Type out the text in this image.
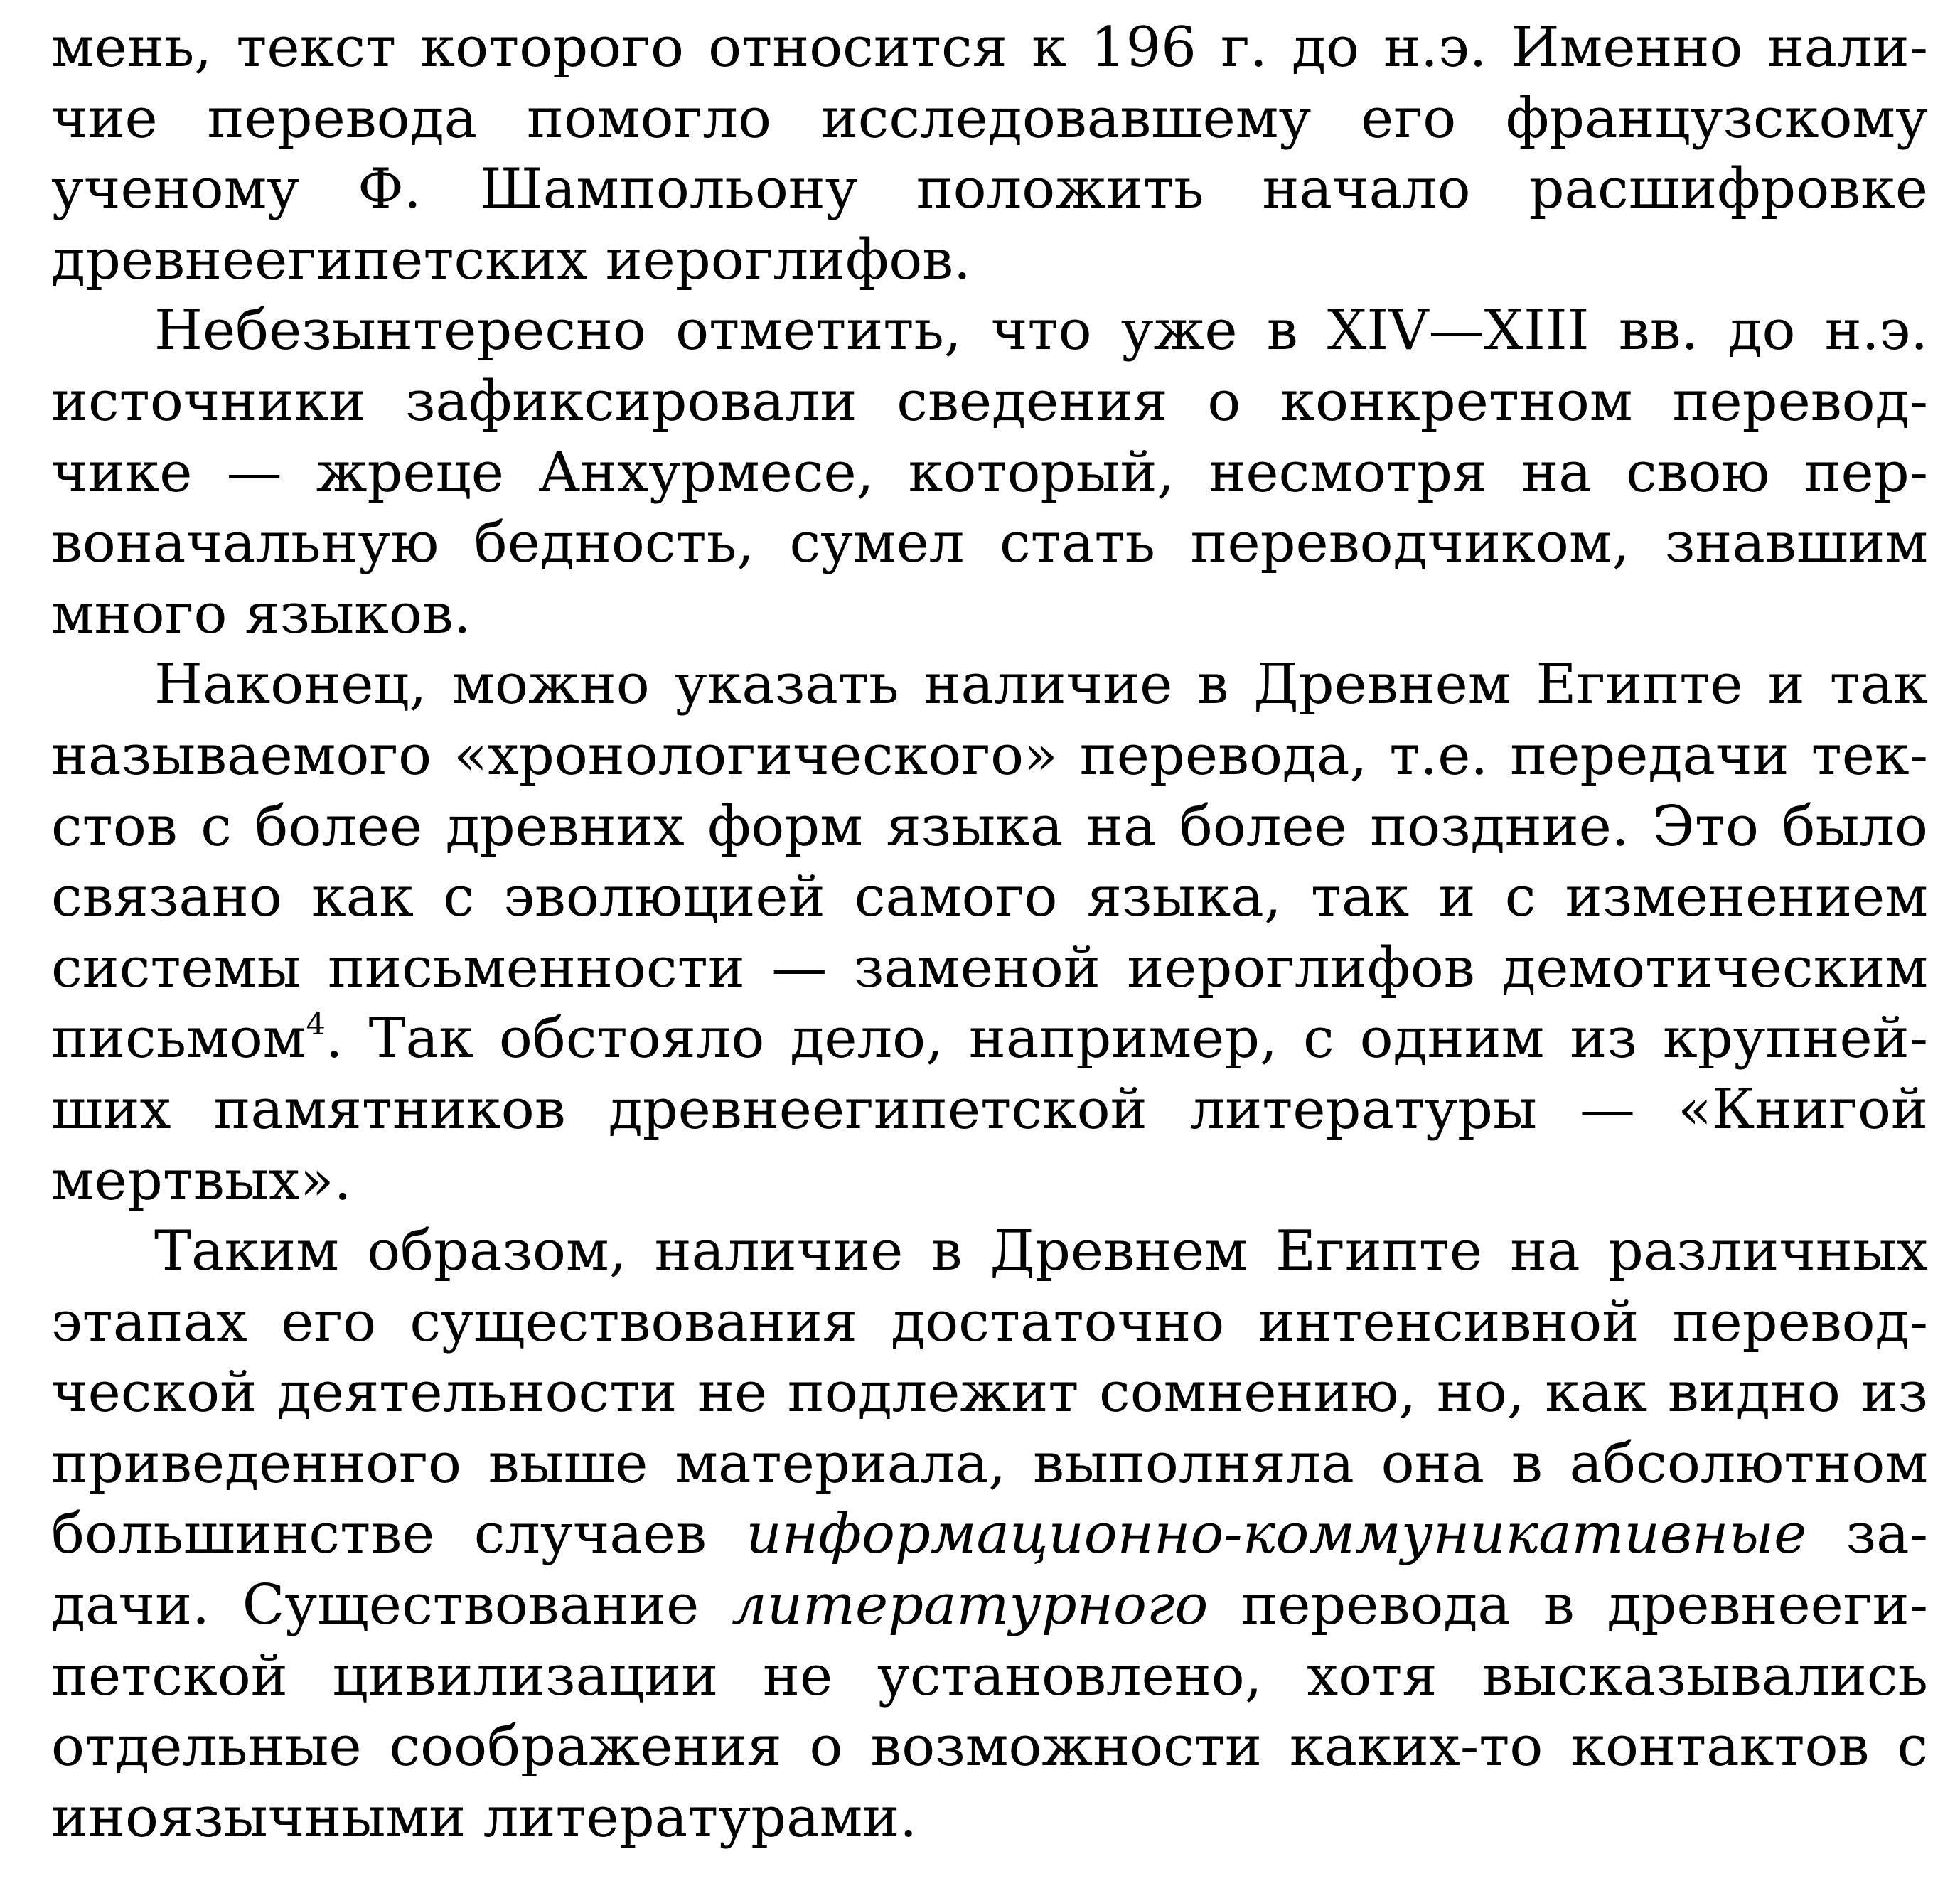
мень, текст которого относится к 196 г. до н.э. Именно нали-
чие перевода помогло исследовавшему его французскому
ученому Ф. Шампольону положить начало расшифровке
древнеегипетских иероглифов.
Небезынтересно отметить, что уже в XIV—XIII вв. до н.э.
источники зафиксировали сведения о конкретном перевод-
чике — жреце Анхурмесе, который, несмотря на свою пер-
воначальную бедность, сумел стать переводчиком, знавшим
много языков.
Наконец, можно указать наличие в Древнем Египте и так
называемого «хронологического» перевода, т.е. передачи тек-
стов с более древних форм языка на более поздние. Это было
связано как с эволюцией самого языка, так и с изменением
системы письменности — заменой иероглифов демотическим
письмом$^4$. Так обстояло дело, например, с одним из крупней-
ших памятников древнеегипетской литературы — «Книгой
мертвых».
Таким образом, наличие в Древнем Египте на различных
этапах его существования достаточно интенсивной перевод-
ческой деятельности не подлежит сомнению, но, как видно из
приведенного выше материала, выполняла она в абсолютном
большинстве случаев информационно-коммуникативные за-
дачи. Существование литературного перевода в древнееги-
петской цивилизации не установлено, хотя высказывались
отдельные соображения о возможности каких-то контактов с
иноязычными литературами.
